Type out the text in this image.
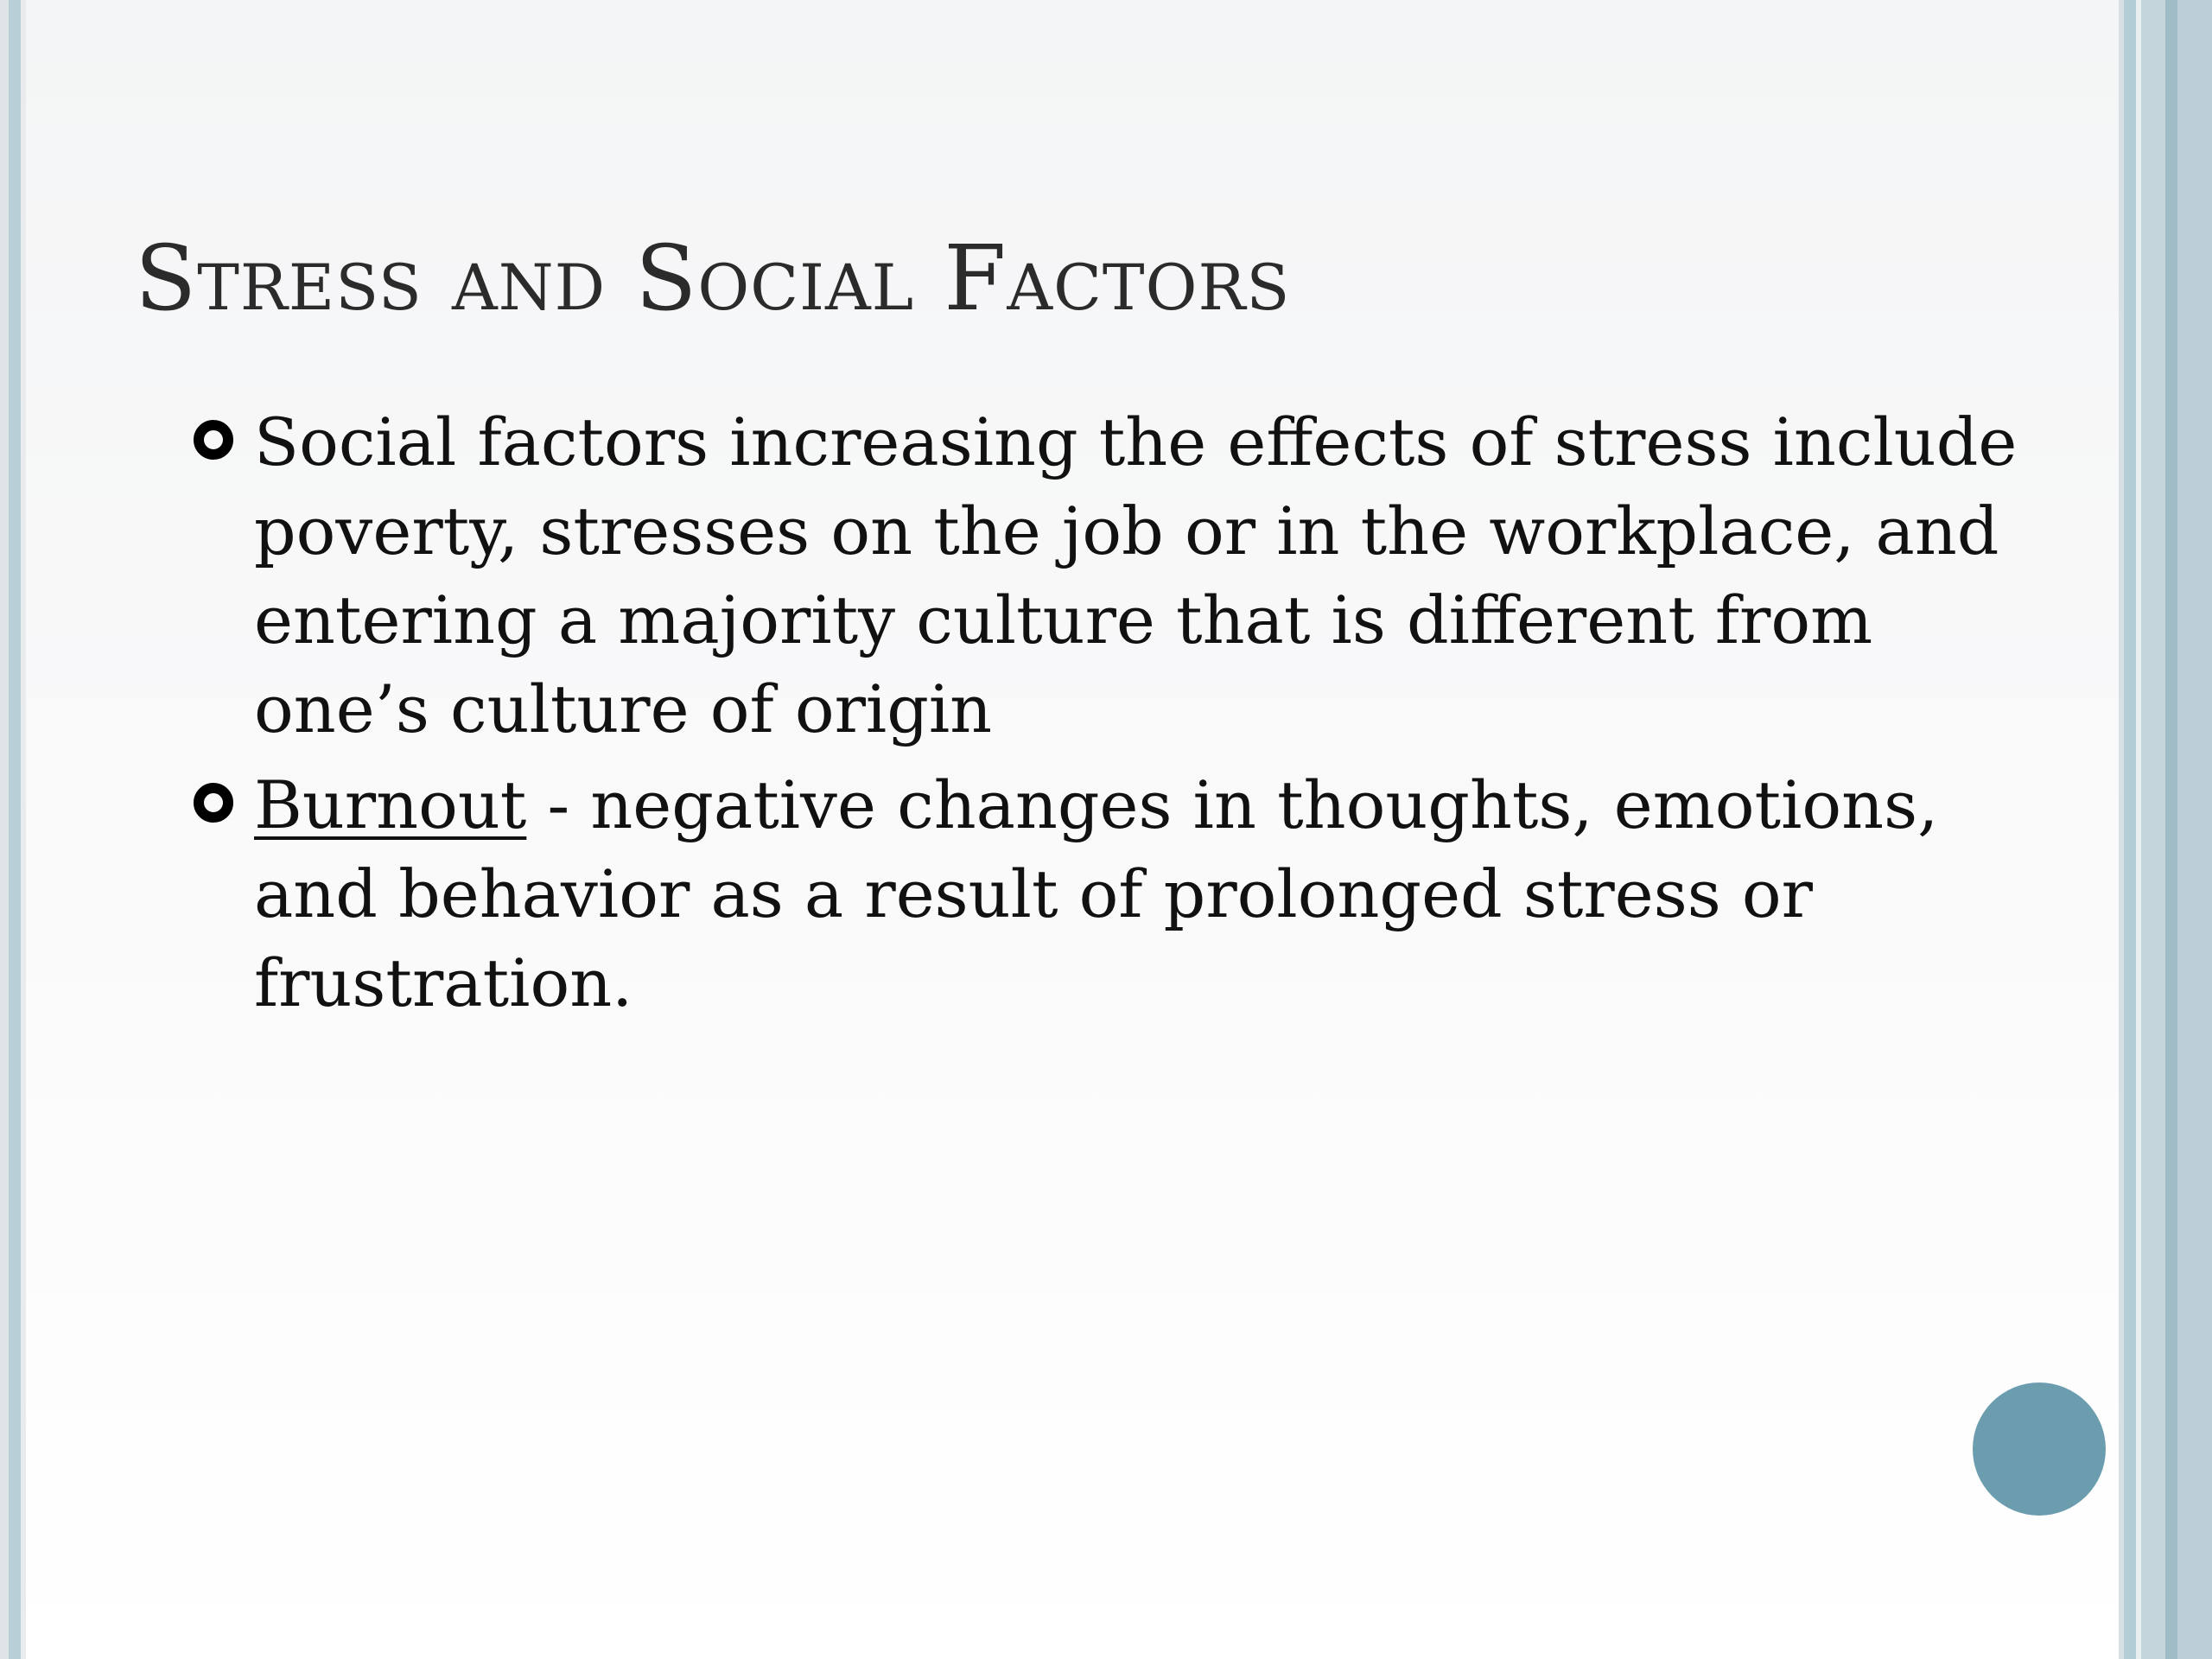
Stress and Social Factors
Social factors increasing the effects of stress include poverty, stresses on the job or in the workplace, and entering a majority culture that is different from one’s culture of origin
Burnout - negative changes in thoughts, emotions, and behavior as a result of prolonged stress or frustration.
